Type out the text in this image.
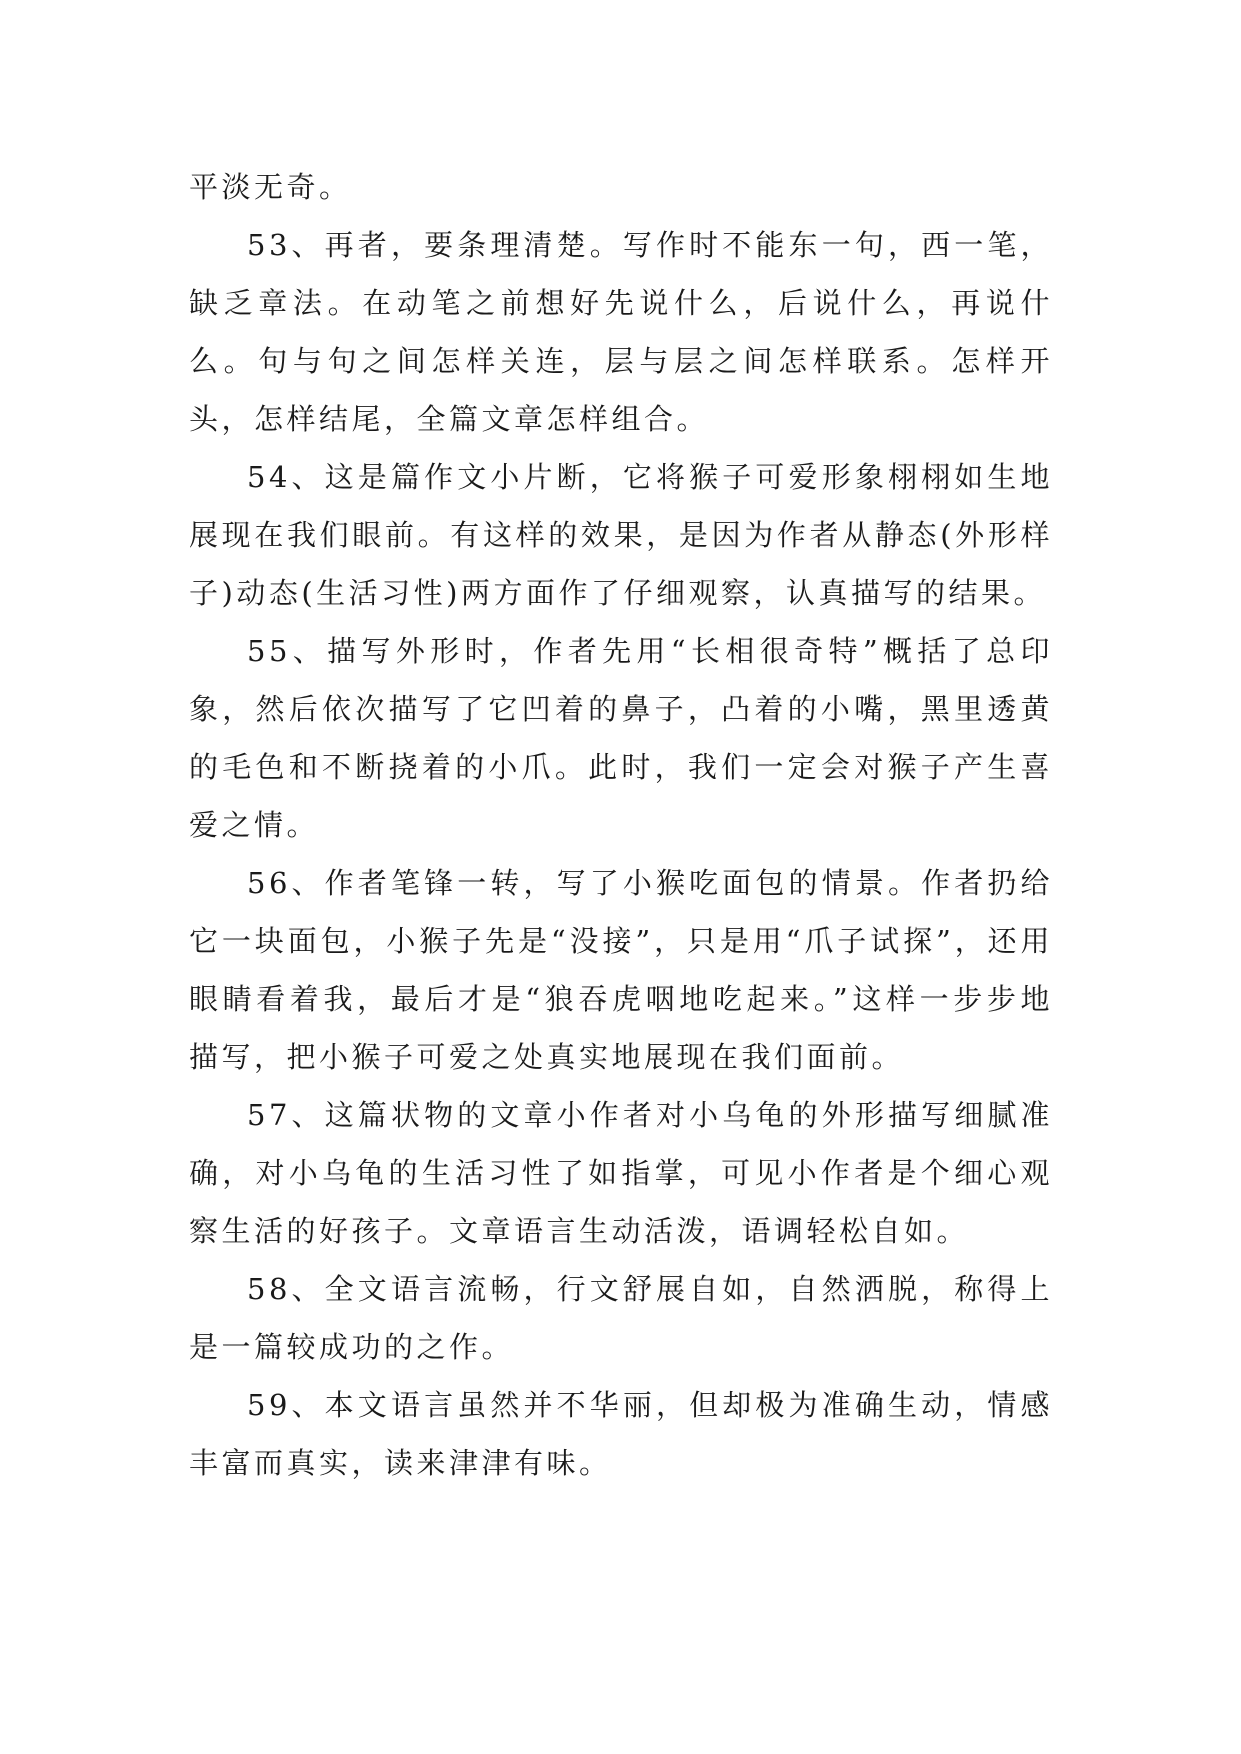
平淡无奇。

53、再者，要条理清楚。写作时不能东一句，西一笔，缺乏章法。在动笔之前想好先说什么，后说什么，再说什么。句与句之间怎样关连，层与层之间怎样联系。怎样开头，怎样结尾，全篇文章怎样组合。

54、这是篇作文小片断，它将猴子可爱形象栩栩如生地展现在我们眼前。有这样的效果，是因为作者从静态(外形样子)动态(生活习性)两方面作了仔细观察，认真描写的结果。

55、描写外形时，作者先用“长相很奇特”概括了总印象，然后依次描写了它凹着的鼻子，凸着的小嘴，黑里透黄的毛色和不断挠着的小爪。此时，我们一定会对猴子产生喜爱之情。

56、作者笔锋一转，写了小猴吃面包的情景。作者扔给它一块面包，小猴子先是“没接”，只是用“爪子试探”，还用眼睛看着我，最后才是“狼吞虎咽地吃起来。”这样一步步地描写，把小猴子可爱之处真实地展现在我们面前。

57、这篇状物的文章小作者对小乌龟的外形描写细腻准确，对小乌龟的生活习性了如指掌，可见小作者是个细心观察生活的好孩子。文章语言生动活泼，语调轻松自如。

58、全文语言流畅，行文舒展自如，自然洒脱，称得上是一篇较成功的之作。

59、本文语言虽然并不华丽，但却极为准确生动，情感丰富而真实，读来津津有味。
